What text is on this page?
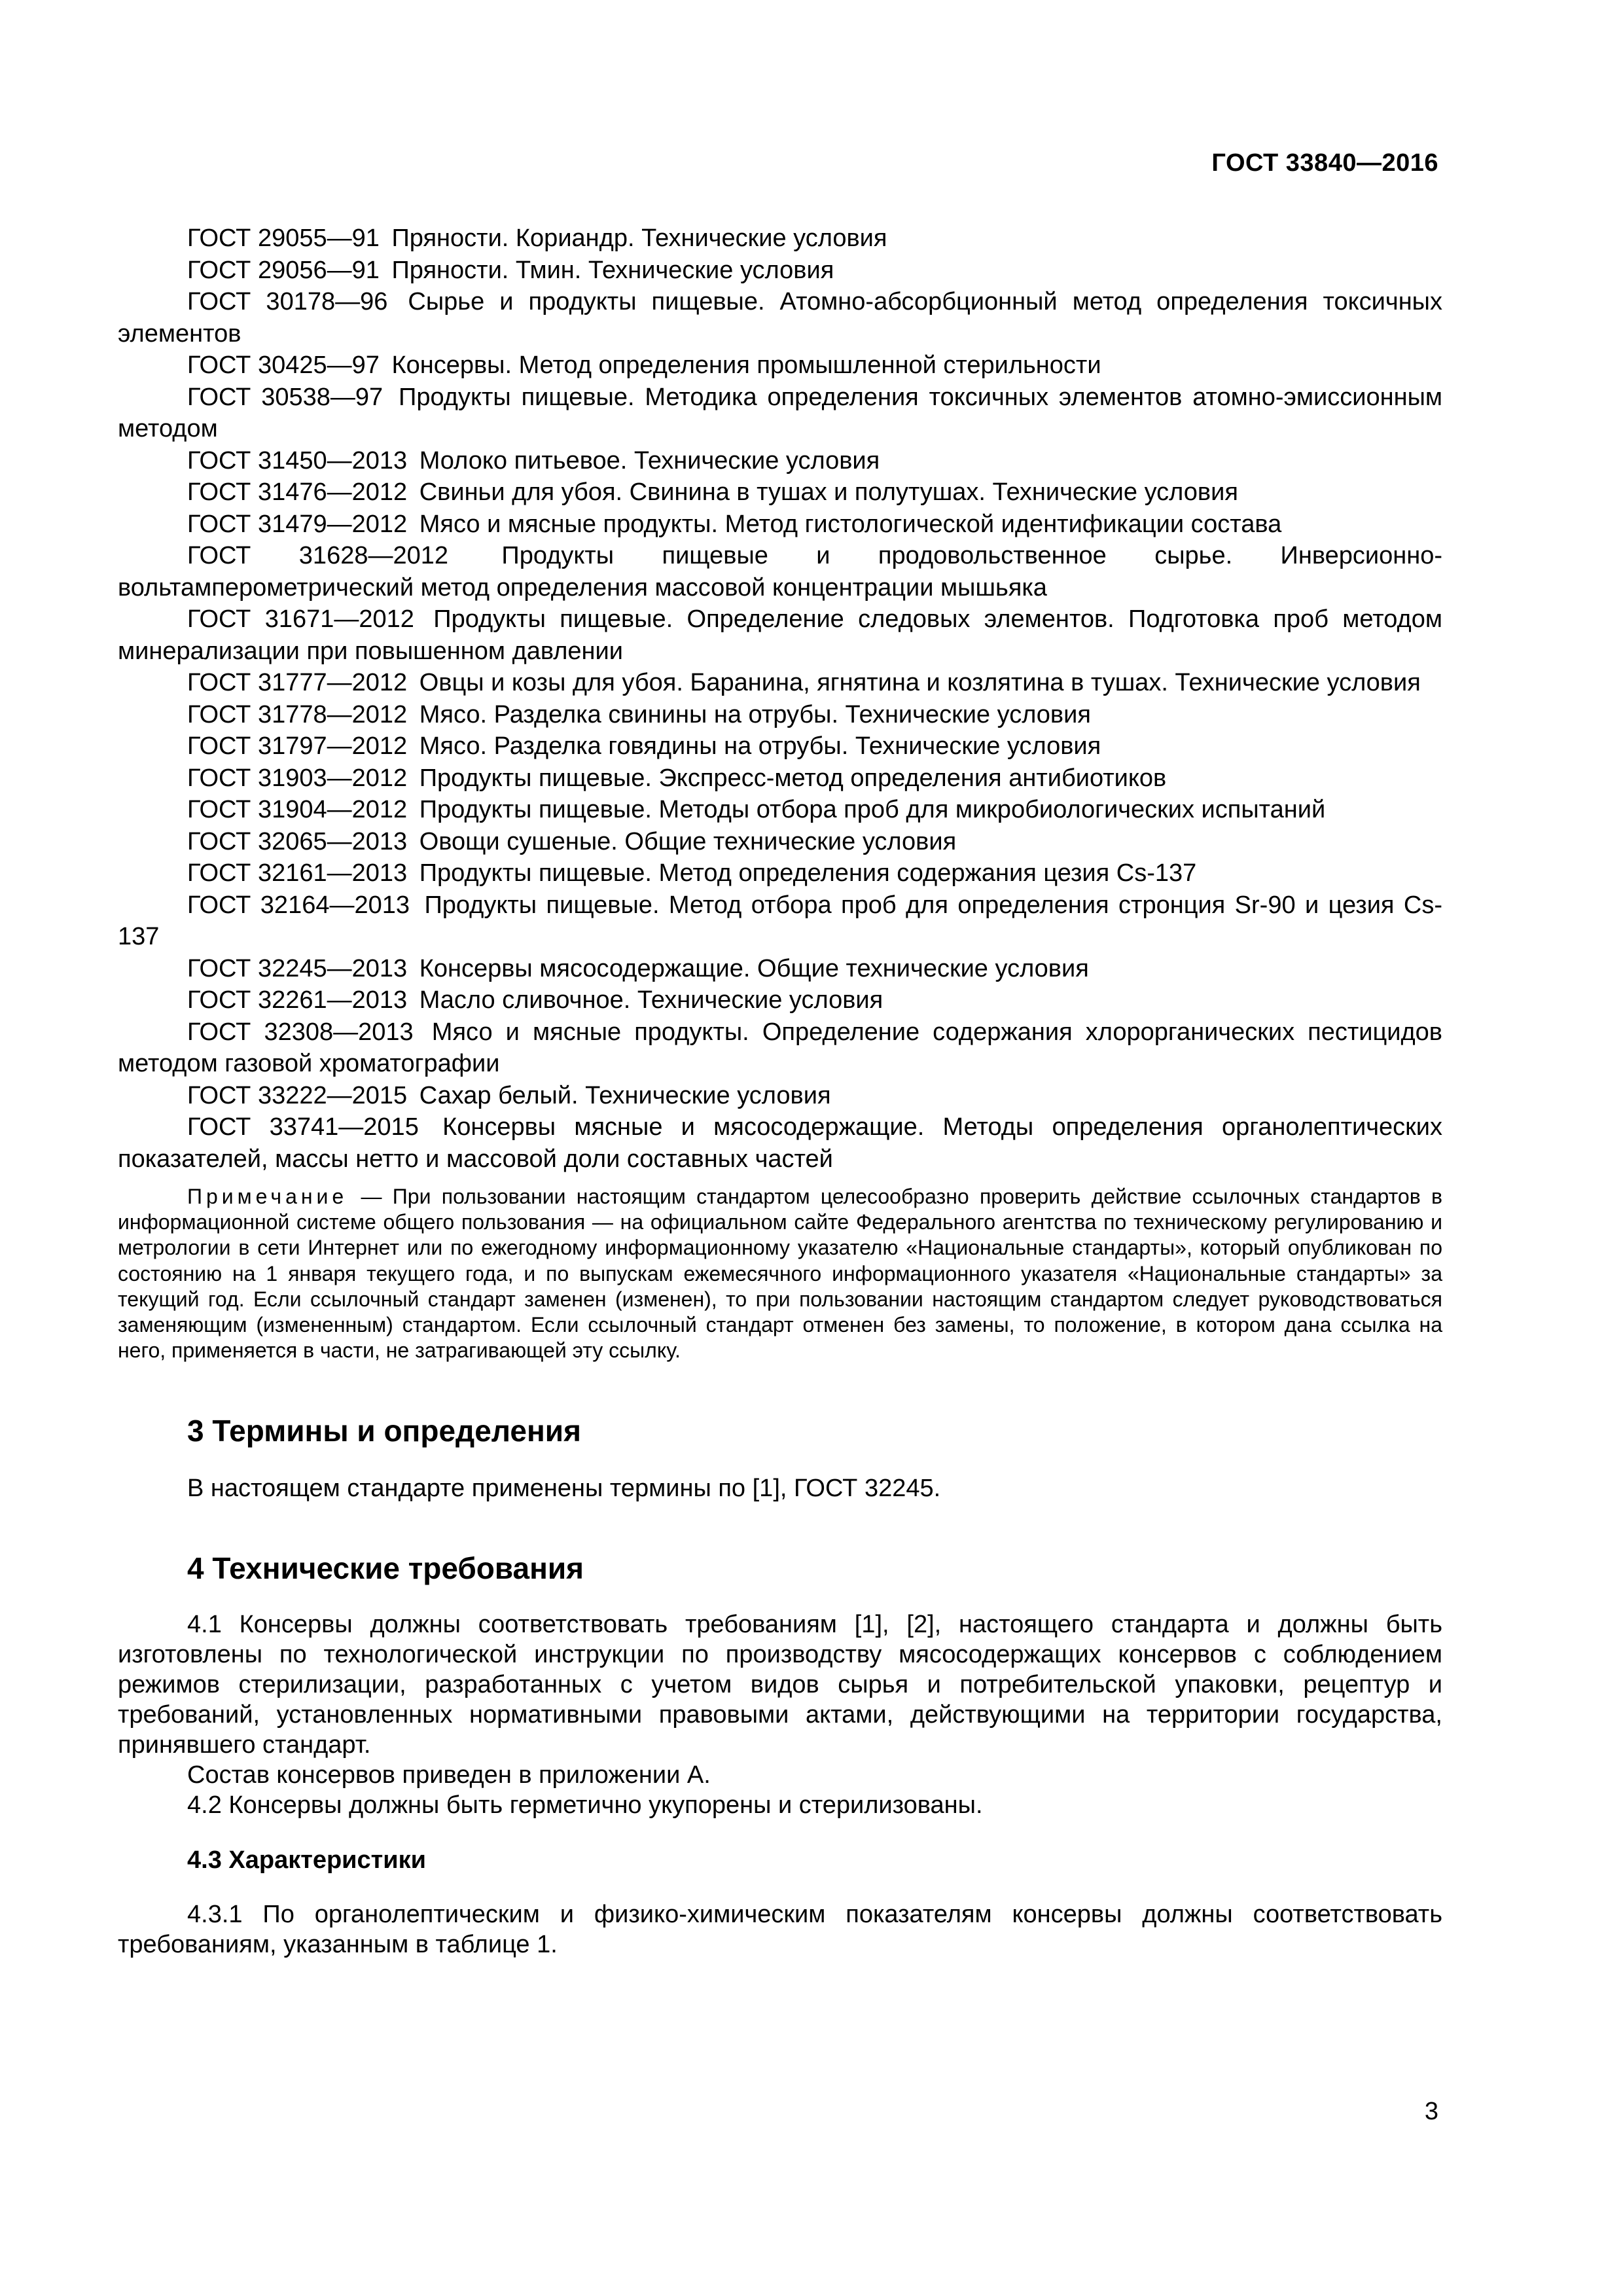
ГОСТ 33840—2016

ГОСТ 29055—91 Пряности. Кориандр. Технические условия

ГОСТ 29056—91 Пряности. Тмин. Технические условия

ГОСТ 30178—96 Сырье и продукты пищевые. Атомно-абсорбционный метод определения токсичных элементов

ГОСТ 30425—97 Консервы. Метод определения промышленной стерильности

ГОСТ 30538—97 Продукты пищевые. Методика определения токсичных элементов атомно-эмиссионным методом

ГОСТ 31450—2013 Молоко питьевое. Технические условия

ГОСТ 31476—2012 Свиньи для убоя. Свинина в тушах и полутушах. Технические условия

ГОСТ 31479—2012 Мясо и мясные продукты. Метод гистологической идентификации состава

ГОСТ 31628—2012 Продукты пищевые и продовольственное сырье. Инверсионно-вольтамперометрический метод определения массовой концентрации мышьяка

ГОСТ 31671—2012 Продукты пищевые. Определение следовых элементов. Подготовка проб методом минерализации при повышенном давлении

ГОСТ 31777—2012 Овцы и козы для убоя. Баранина, ягнятина и козлятина в тушах. Технические условия

ГОСТ 31778—2012 Мясо. Разделка свинины на отрубы. Технические условия

ГОСТ 31797—2012 Мясо. Разделка говядины на отрубы. Технические условия

ГОСТ 31903—2012 Продукты пищевые. Экспресс-метод определения антибиотиков

ГОСТ 31904—2012 Продукты пищевые. Методы отбора проб для микробиологических испытаний

ГОСТ 32065—2013 Овощи сушеные. Общие технические условия

ГОСТ 32161—2013 Продукты пищевые. Метод определения содержания цезия Cs-137

ГОСТ 32164—2013 Продукты пищевые. Метод отбора проб для определения стронция Sr-90 и цезия Cs-137

ГОСТ 32245—2013 Консервы мясосодержащие. Общие технические условия

ГОСТ 32261—2013 Масло сливочное. Технические условия

ГОСТ 32308—2013 Мясо и мясные продукты. Определение содержания хлорорганических пестицидов методом газовой хроматографии

ГОСТ 33222—2015 Сахар белый. Технические условия

ГОСТ 33741—2015 Консервы мясные и мясосодержащие. Методы определения органолептических показателей, массы нетто и массовой доли составных частей

Примечание — При пользовании настоящим стандартом целесообразно проверить действие ссылочных стандартов в информационной системе общего пользования — на официальном сайте Федерального агентства по техническому регулированию и метрологии в сети Интернет или по ежегодному информационному указателю «Национальные стандарты», который опубликован по состоянию на 1 января текущего года, и по выпускам ежемесячного информационного указателя «Национальные стандарты» за текущий год. Если ссылочный стандарт заменен (изменен), то при пользовании настоящим стандартом следует руководствоваться заменяющим (измененным) стандартом. Если ссылочный стандарт отменен без замены, то положение, в котором дана ссылка на него, применяется в части, не затрагивающей эту ссылку.

3 Термины и определения

В настоящем стандарте применены термины по [1], ГОСТ 32245.

4 Технические требования

4.1 Консервы должны соответствовать требованиям [1], [2], настоящего стандарта и должны быть изготовлены по технологической инструкции по производству мясосодержащих консервов с соблюдением режимов стерилизации, разработанных с учетом видов сырья и потребительской упаковки, рецептур и требований, установленных нормативными правовыми актами, действующими на территории государства, принявшего стандарт.

Состав консервов приведен в приложении А.

4.2 Консервы должны быть герметично укупорены и стерилизованы.

4.3 Характеристики

4.3.1 По органолептическим и физико-химическим показателям консервы должны соответствовать требованиям, указанным в таблице 1.

3
